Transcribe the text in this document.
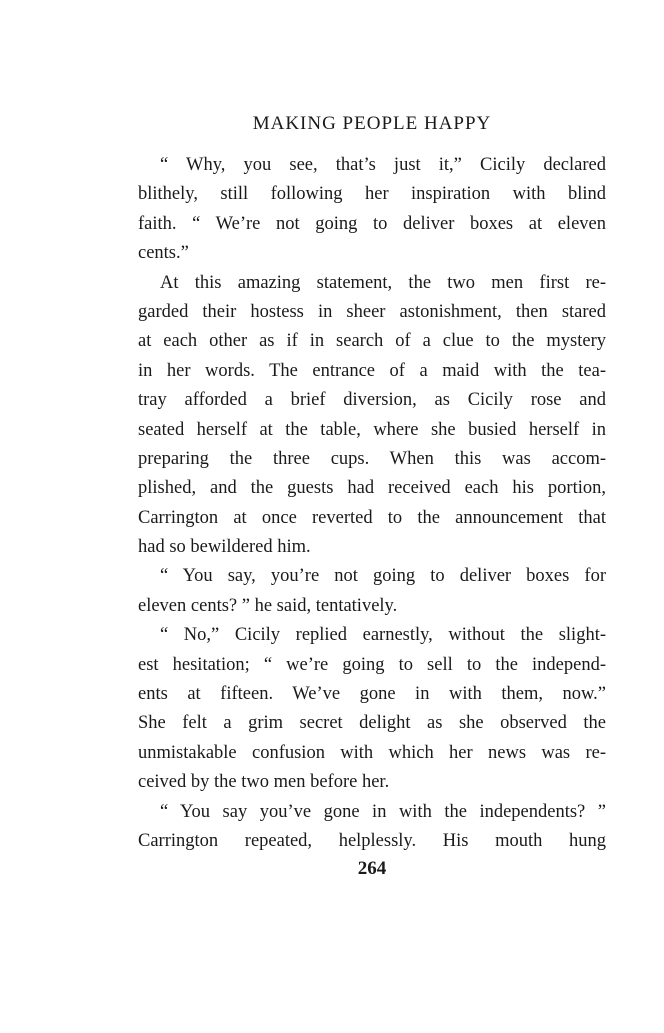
MAKING PEOPLE HAPPY
“ Why, you see, that’s just it,” Cicily declared
blithely, still following her inspiration with blind
faith. “ We’re not going to deliver boxes at eleven
cents.”
At this amazing statement, the two men first re-
garded their hostess in sheer astonishment, then stared
at each other as if in search of a clue to the mystery
in her words. The entrance of a maid with the tea-
tray afforded a brief diversion, as Cicily rose and
seated herself at the table, where she busied herself in
preparing the three cups. When this was accom-
plished, and the guests had received each his portion,
Carrington at once reverted to the announcement that
had so bewildered him.
“ You say, you’re not going to deliver boxes for
eleven cents? ” he said, tentatively.
“ No,” Cicily replied earnestly, without the slight-
est hesitation; “ we’re going to sell to the independ-
ents at fifteen. We’ve gone in with them, now.”
She felt a grim secret delight as she observed the
unmistakable confusion with which her news was re-
ceived by the two men before her.
“ You say you’ve gone in with the independents? ”
Carrington repeated, helplessly. His mouth hung
264
